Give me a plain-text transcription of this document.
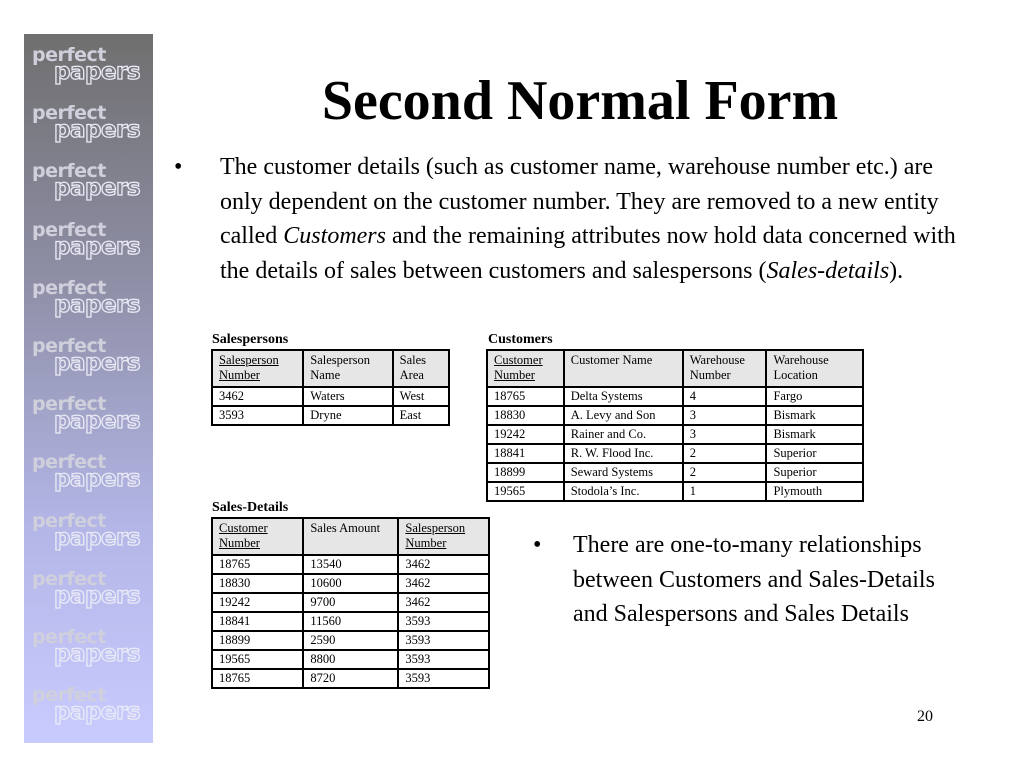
perfect
papers
perfect
papers
perfect
papers
perfect
papers
perfect
papers
perfect
papers
perfect
papers
perfect
papers
perfect
papers
perfect
papers
perfect
papers
perfect
papers
Second Normal Form
• The customer details (such as customer name, warehouse number etc.) are only dependent on the customer number. They are removed to a new entity called Customers and the remaining attributes now hold data concerned with the details of sales between customers and salespersons (Sales-details).
Salespersons
Salesperson Number	Salesperson Name	Sales Area
3462	Waters	West
3593	Dryne	East
Customers
Customer Number	Customer Name	Warehouse Number	Warehouse Location
18765	Delta Systems	4	Fargo
18830	A. Levy and Son	3	Bismark
19242	Rainer and Co.	3	Bismark
18841	R. W. Flood Inc.	2	Superior
18899	Seward Systems	2	Superior
19565	Stodola’s Inc.	1	Plymouth
Sales-Details
Customer Number	Sales Amount	Salesperson Number
18765	13540	3462
18830	10600	3462
19242	9700	3462
18841	11560	3593
18899	2590	3593
19565	8800	3593
18765	8720	3593
• There are one-to-many relationships between Customers and Sales-Details and Salespersons and Sales Details
20
